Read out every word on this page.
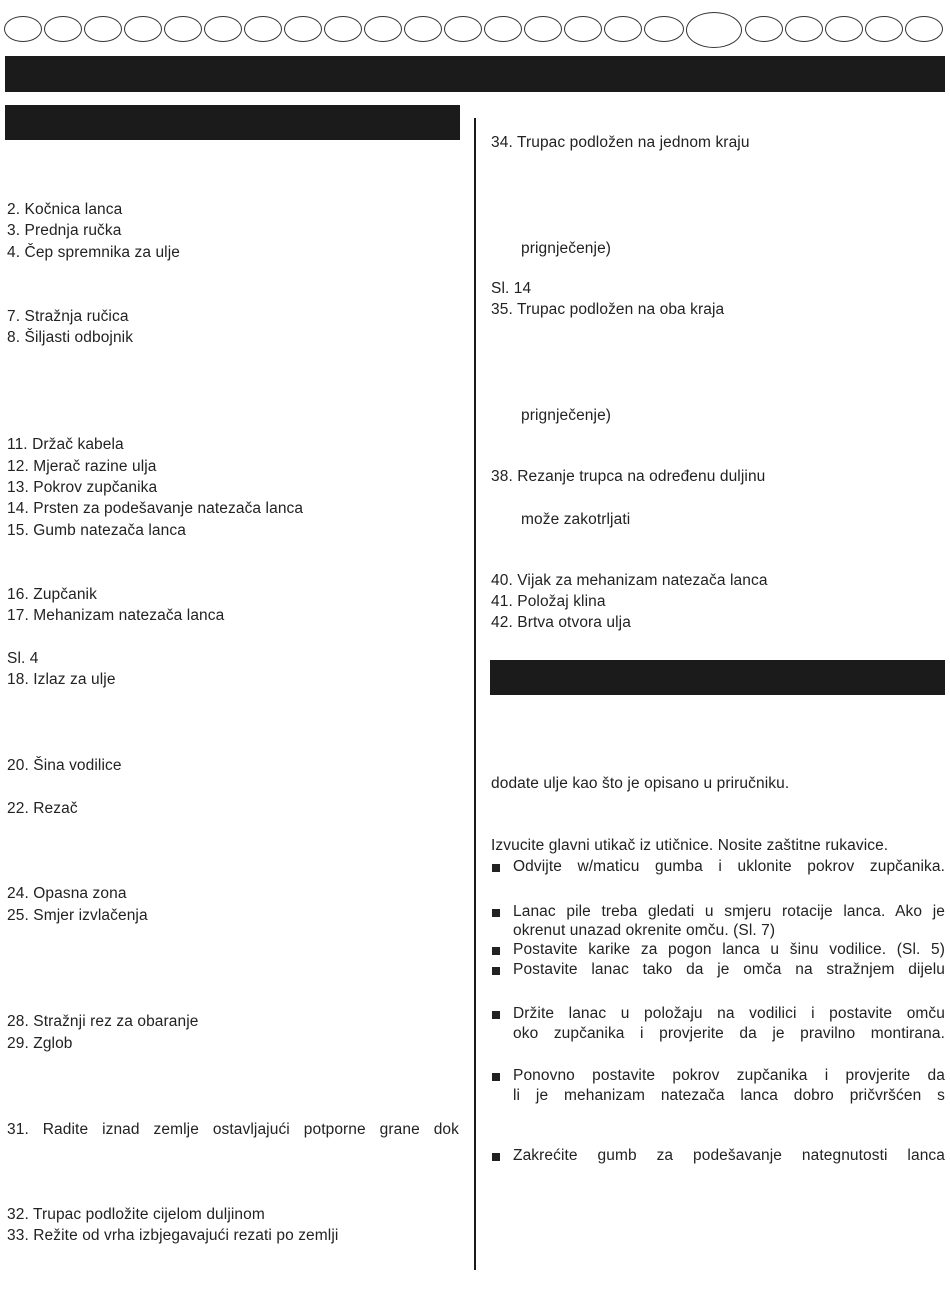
2. Kočnica lanca
3. Prednja ručka
4. Čep spremnika za ulje
7. Stražnja ručica
8. Šiljasti odbojnik
11. Držač kabela
12. Mjerač razine ulja
13. Pokrov zupčanika
14. Prsten za podešavanje natezača lanca
15. Gumb natezača lanca
16. Zupčanik
17. Mehanizam natezača lanca
Sl. 4
18. Izlaz za ulje
20. Šina vodilice
22. Rezač
24. Opasna zona
25. Smjer izvlačenja
28. Stražnji rez za obaranje
29. Zglob
31. Radite iznad zemlje ostavljajući potporne grane dok
32. Trupac podložite cijelom duljinom
33. Režite od vrha izbjegavajući rezati po zemlji
34. Trupac podložen na jednom kraju
prignječenje)
Sl. 14
35. Trupac podložen na oba kraja
prignječenje)
38. Rezanje trupca na određenu duljinu
može zakotrljati
40. Vijak za mehanizam natezača lanca
41. Položaj klina
42. Brtva otvora ulja
dodate ulje kao što je opisano u priručniku.
Izvucite glavni utikač iz utičnice. Nosite zaštitne rukavice.
Odvijte w/maticu gumba i uklonite pokrov zupčanika.
Lanac pile treba gledati u smjeru rotacije lanca. Ako je
okrenut unazad okrenite omču. (Sl. 7)
Postavite karike za pogon lanca u šinu vodilice. (Sl. 5)
Postavite lanac tako da je omča na stražnjem dijelu
Držite lanac u položaju na vodilici i postavite omču
oko zupčanika i provjerite da je pravilno montirana.
Ponovno postavite pokrov zupčanika i provjerite da
li je mehanizam natezača lanca dobro pričvršćen s
Zakrećite gumb za podešavanje nategnutosti lanca
